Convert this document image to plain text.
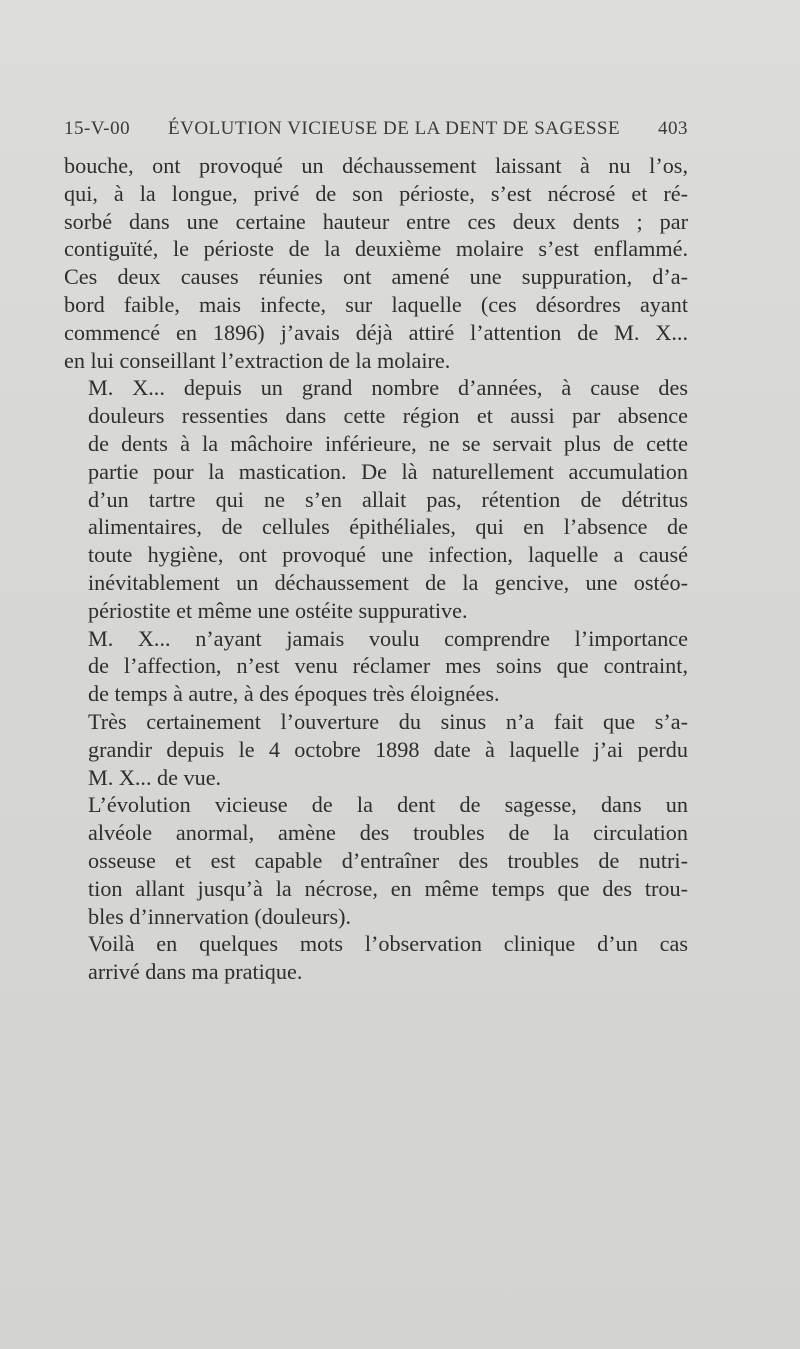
15-V-00 ÉVOLUTION VICIEUSE DE LA DENT DE SAGESSE 403

bouche, ont provoqué un déchaussement laissant à nu l’os,
qui, à la longue, privé de son périoste, s’est nécrosé et ré-
sorbé dans une certaine hauteur entre ces deux dents ; par
contiguïté, le périoste de la deuxième molaire s’est enflammé.
Ces deux causes réunies ont amené une suppuration, d’a-
bord faible, mais infecte, sur laquelle (ces désordres ayant
commencé en 1896) j’avais déjà attiré l’attention de M. X...
en lui conseillant l’extraction de la molaire.

M. X... depuis un grand nombre d’années, à cause des
douleurs ressenties dans cette région et aussi par absence
de dents à la mâchoire inférieure, ne se servait plus de cette
partie pour la mastication. De là naturellement accumulation
d’un tartre qui ne s’en allait pas, rétention de détritus
alimentaires, de cellules épithéliales, qui en l’absence de
toute hygiène, ont provoqué une infection, laquelle a causé
inévitablement un déchaussement de la gencive, une ostéo-
périostite et même une ostéite suppurative.

M. X... n’ayant jamais voulu comprendre l’importance
de l’affection, n’est venu réclamer mes soins que contraint,
de temps à autre, à des époques très éloignées.

Très certainement l’ouverture du sinus n’a fait que s’a-
grandir depuis le 4 octobre 1898 date à laquelle j’ai perdu
M. X... de vue.

L’évolution vicieuse de la dent de sagesse, dans un
alvéole anormal, amène des troubles de la circulation
osseuse et est capable d’entraîner des troubles de nutri-
tion allant jusqu’à la nécrose, en même temps que des trou-
bles d’innervation (douleurs).

Voilà en quelques mots l’observation clinique d’un cas
arrivé dans ma pratique.
